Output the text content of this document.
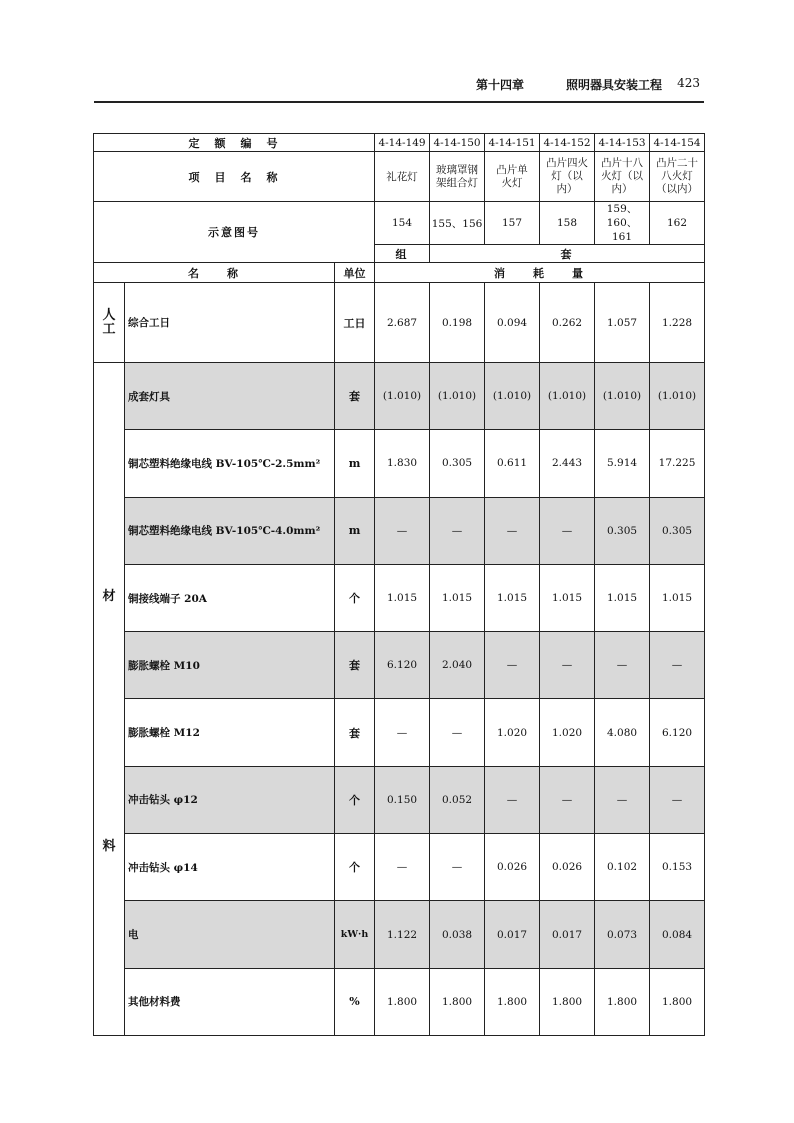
第十四章	照明器具安装工程 423
定　额　编　号			4-14-149	4-14-150	4-14-151	4-14-152	4-14-153	4-14-154
项　目　名　称			礼花灯	玻璃罩钢架组合灯	凸片单火灯	凸片四火灯（以内）	凸片十八火灯（以内）	凸片二十八火灯（以内）
示意图号			154	155、156	157	158	159、160、161	162
			组	套				
名　　称		单位	消　　耗　　量					
人工	综合工日	工日	2.687	0.198	0.094	0.262	1.057	1.228

材
料	成套灯具	套	(1.010)	(1.010)	(1.010)	(1.010)	(1.010)	(1.010)
	铜芯塑料绝缘电线 BV-105℃-2.5mm²	m	1.830	0.305	0.611	2.443	5.914	17.225
	铜芯塑料绝缘电线 BV-105℃-4.0mm²	m	—	—	—	—	0.305	0.305
	铜接线端子 20A	个	1.015	1.015	1.015	1.015	1.015	1.015
	膨胀螺栓 M10	套	6.120	2.040	—	—	—	—
	膨胀螺栓 M12	套	—	—	1.020	1.020	4.080	6.120
	冲击钻头 φ12	个	0.150	0.052	—	—	—	—
	冲击钻头 φ14	个	—	—	0.026	0.026	0.102	0.153
	电	kW·h	1.122	0.038	0.017	0.017	0.073	0.084
	其他材料费	%	1.800	1.800	1.800	1.800	1.800	1.800
